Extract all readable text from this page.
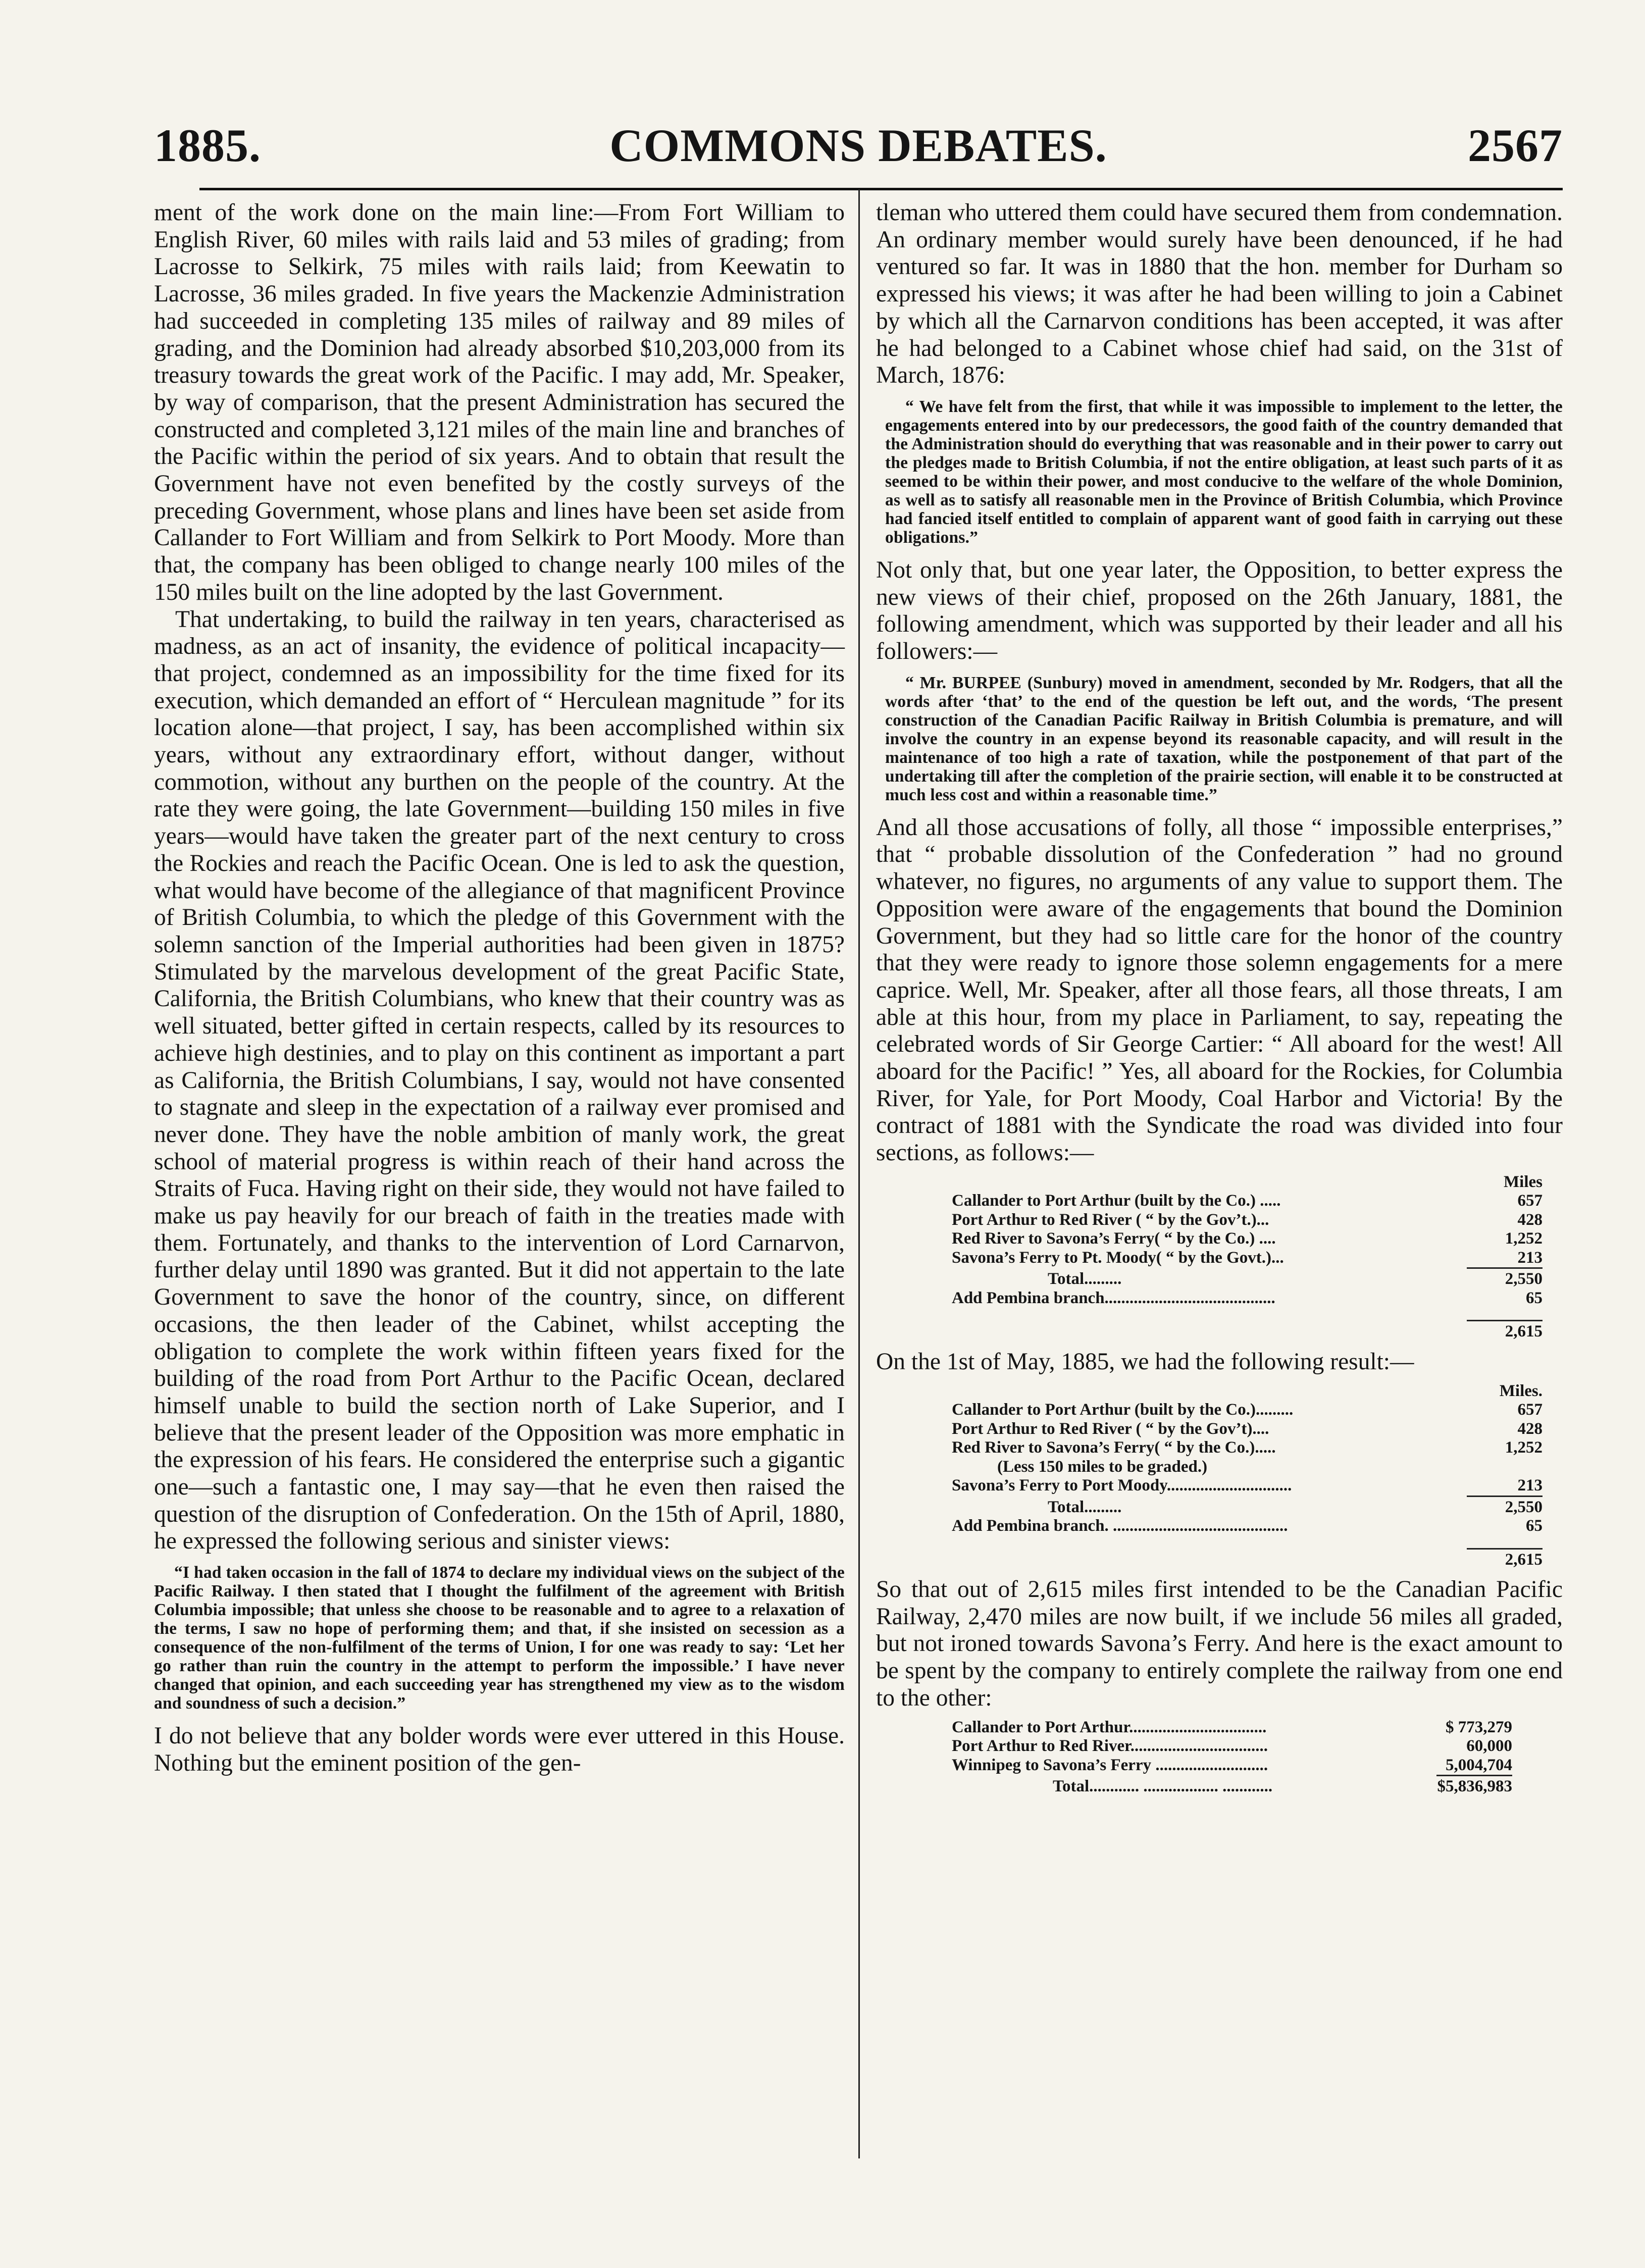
1885.	COMMONS DEBATES.	2567

ment of the work done on the main line:—From Fort William to English River, 60 miles with rails laid and 53 miles of grading; from Lacrosse to Selkirk, 75 miles with rails laid; from Keewatin to Lacrosse, 36 miles graded. In five years the Mackenzie Administration had succeeded in completing 135 miles of railway and 89 miles of grading, and the Dominion had already absorbed $10,203,000 from its treasury towards the great work of the Pacific. I may add, Mr. Speaker, by way of comparison, that the present Administration has secured the constructed and completed 3,121 miles of the main line and branches of the Pacific within the period of six years. And to obtain that result the Government have not even benefited by the costly surveys of the preceding Government, whose plans and lines have been set aside from Callander to Fort William and from Selkirk to Port Moody. More than that, the company has been obliged to change nearly 100 miles of the 150 miles built on the line adopted by the last Government.

That undertaking, to build the railway in ten years, characterised as madness, as an act of insanity, the evidence of political incapacity—that project, condemned as an impossibility for the time fixed for its execution, which demanded an effort of “ Herculean magnitude ” for its location alone—that project, I say, has been accomplished within six years, without any extraordinary effort, without danger, without commotion, without any burthen on the people of the country. At the rate they were going, the late Government—building 150 miles in five years—would have taken the greater part of the next century to cross the Rockies and reach the Pacific Ocean. One is led to ask the question, what would have become of the allegiance of that magnificent Province of British Columbia, to which the pledge of this Government with the solemn sanction of the Imperial authorities had been given in 1875? Stimulated by the marvelous development of the great Pacific State, California, the British Columbians, who knew that their country was as well situated, better gifted in certain respects, called by its resources to achieve high destinies, and to play on this continent as important a part as California, the British Columbians, I say, would not have consented to stagnate and sleep in the expectation of a railway ever promised and never done. They have the noble ambition of manly work, the great school of material progress is within reach of their hand across the Straits of Fuca. Having right on their side, they would not have failed to make us pay heavily for our breach of faith in the treaties made with them. Fortunately, and thanks to the intervention of Lord Carnarvon, further delay until 1890 was granted. But it did not appertain to the late Government to save the honor of the country, since, on different occasions, the then leader of the Cabinet, whilst accepting the obligation to complete the work within fifteen years fixed for the building of the road from Port Arthur to the Pacific Ocean, declared himself unable to build the section north of Lake Superior, and I believe that the present leader of the Opposition was more emphatic in the expression of his fears. He considered the enterprise such a gigantic one—such a fantastic one, I may say—that he even then raised the question of the disruption of Confederation. On the 15th of April, 1880, he expressed the following serious and sinister views:

“I had taken occasion in the fall of 1874 to declare my individual views on the subject of the Pacific Railway. I then stated that I thought the fulfilment of the agreement with British Columbia impossible; that unless she choose to be reasonable and to agree to a relaxation of the terms, I saw no hope of performing them; and that, if she insisted on secession as a consequence of the non-fulfilment of the terms of Union, I for one was ready to say: ‘Let her go rather than ruin the country in the attempt to perform the impossible.’ I have never changed that opinion, and each succeeding year has strengthened my view as to the wisdom and soundness of such a decision.”

I do not believe that any bolder words were ever uttered in this House. Nothing but the eminent position of the gen-

tleman who uttered them could have secured them from condemnation. An ordinary member would surely have been denounced, if he had ventured so far. It was in 1880 that the hon. member for Durham so expressed his views; it was after he had been willing to join a Cabinet by which all the Carnarvon conditions has been accepted, it was after he had belonged to a Cabinet whose chief had said, on the 31st of March, 1876:

“ We have felt from the first, that while it was impossible to implement to the letter, the engagements entered into by our predecessors, the good faith of the country demanded that the Administration should do everything that was reasonable and in their power to carry out the pledges made to British Columbia, if not the entire obligation, at least such parts of it as seemed to be within their power, and most conducive to the welfare of the whole Dominion, as well as to satisfy all reasonable men in the Province of British Columbia, which Province had fancied itself entitled to complain of apparent want of good faith in carrying out these obligations.”

Not only that, but one year later, the Opposition, to better express the new views of their chief, proposed on the 26th January, 1881, the following amendment, which was supported by their leader and all his followers:—

“ Mr. BURPEE (Sunbury) moved in amendment, seconded by Mr. Rodgers, that all the words after ‘that’ to the end of the question be left out, and the words, ‘The present construction of the Canadian Pacific Railway in British Columbia is premature, and will involve the country in an expense beyond its reasonable capacity, and will result in the maintenance of too high a rate of taxation, while the postponement of that part of the undertaking till after the completion of the prairie section, will enable it to be constructed at much less cost and within a reasonable time.”

And all those accusations of folly, all those “ impossible enterprises,” that “ probable dissolution of the Confederation ” had no ground whatever, no figures, no arguments of any value to support them. The Opposition were aware of the engagements that bound the Dominion Government, but they had so little care for the honor of the country that they were ready to ignore those solemn engagements for a mere caprice. Well, Mr. Speaker, after all those fears, all those threats, I am able at this hour, from my place in Parliament, to say, repeating the celebrated words of Sir George Cartier: “ All aboard for the west! All aboard for the Pacific! ” Yes, all aboard for the Rockies, for Columbia River, for Yale, for Port Moody, Coal Harbor and Victoria! By the contract of 1881 with the Syndicate the road was divided into four sections, as follows:—

Miles
Callander to Port Arthur (built by the Co.) .....	657
Port Arthur to Red River ( “ by the Gov’t.)...	428
Red River to Savona’s Ferry( “ by the Co.) ....	1,252
Savona’s Ferry to Pt. Moody( “ by the Govt.)...	213
Total.........	2,550
Add Pembina branch.........................................	65
2,615

On the 1st of May, 1885, we had the following result:—

Miles.
Callander to Port Arthur (built by the Co.).........	657
Port Arthur to Red River ( “ by the Gov’t)....	428
Red River to Savona’s Ferry( “ by the Co.).....	1,252
(Less 150 miles to be graded.)
Savona’s Ferry to Port Moody..............................	213
Total.........	2,550
Add Pembina branch. ..........................................	65
2,615

So that out of 2,615 miles first intended to be the Canadian Pacific Railway, 2,470 miles are now built, if we include 56 miles all graded, but not ironed towards Savona’s Ferry. And here is the exact amount to be spent by the company to entirely complete the railway from one end to the other:

Callander to Port Arthur.................................	$ 773,279
Port Arthur to Red River.................................	60,000
Winnipeg to Savona’s Ferry ...........................	5,004,704
Total............ .................. ............	$5,836,983
